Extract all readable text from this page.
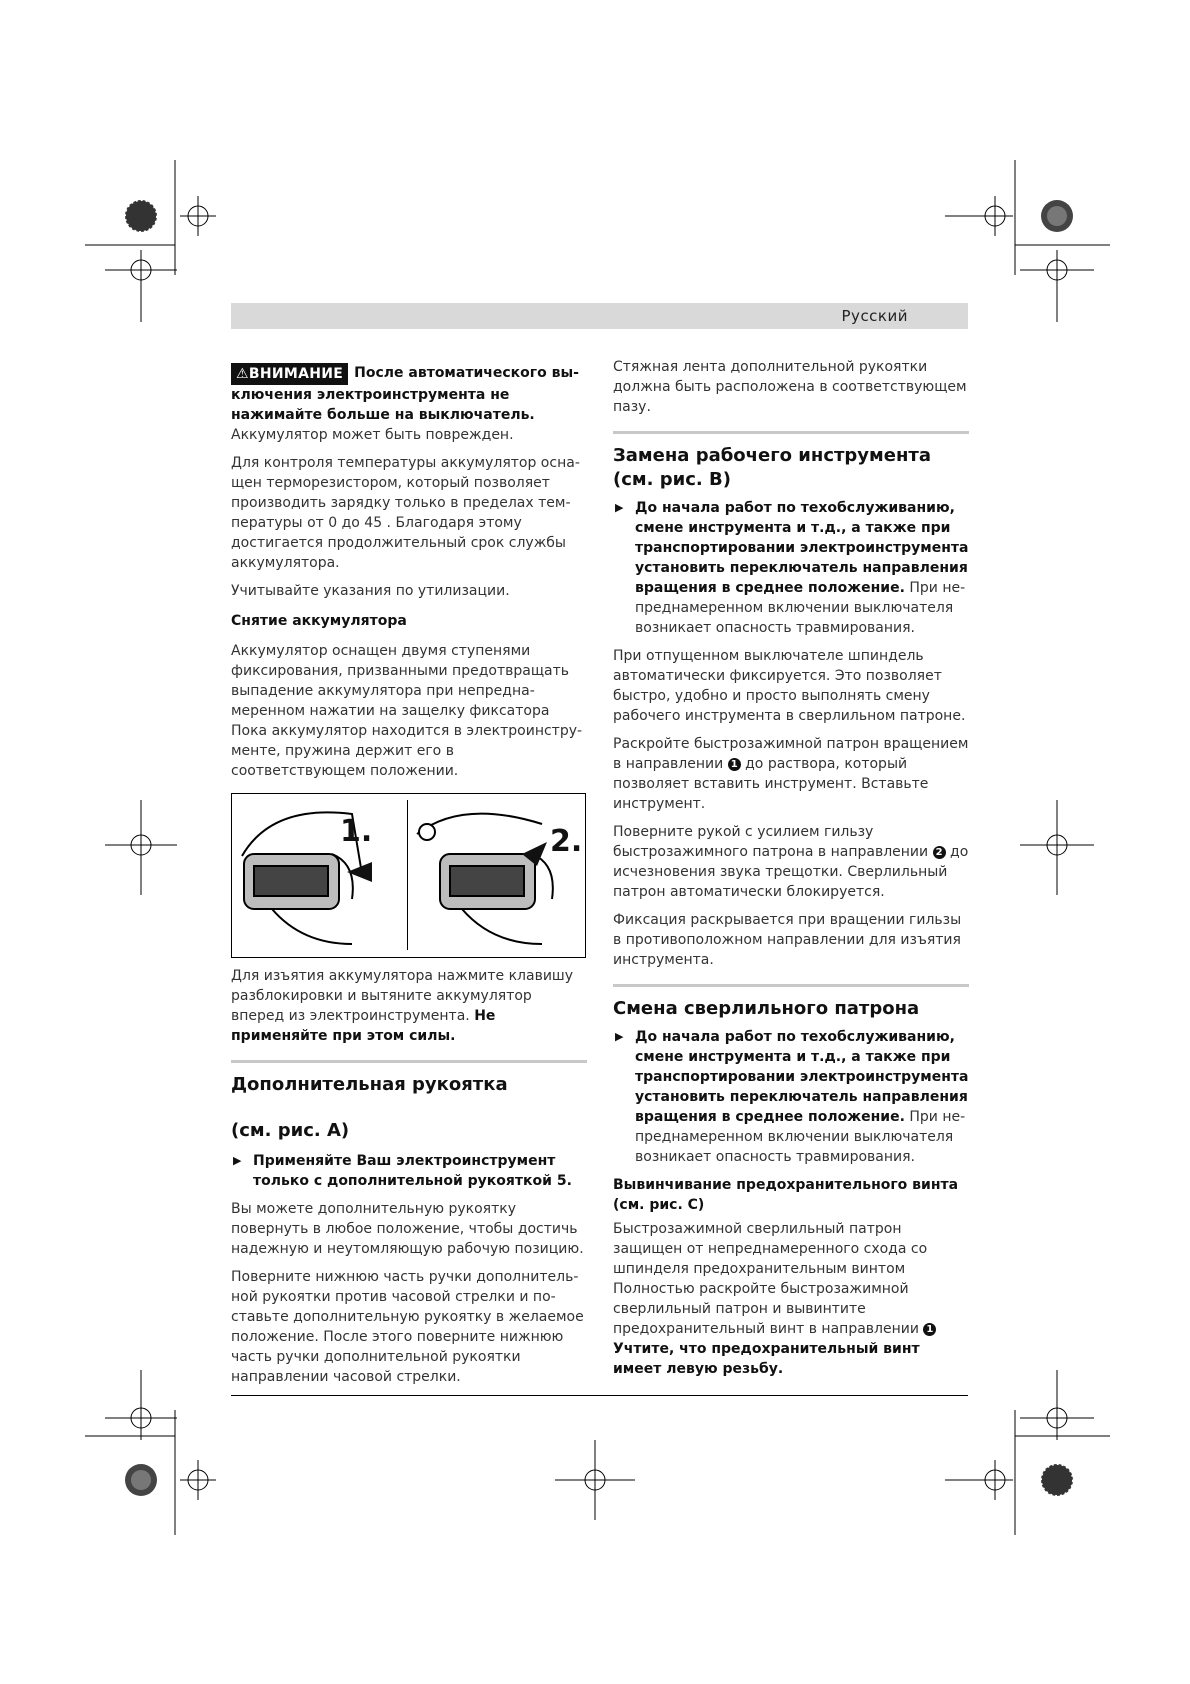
Русский

⚠ВНИМАНИЕ После автоматического выключения электроинструмента не нажимайте больше на выключатель. Аккумулятор может быть поврежден.

Для контроля температуры аккумулятор оснащен терморезистором, который позволяет производить зарядку только в пределах температуры от 0 до 45 . Благодаря этому достигается продолжительный срок службы аккумулятора.

Учитывайте указания по утилизации.

Снятие аккумулятора

Аккумулятор оснащен двумя ступенями фиксирования, призванными предотвращать выпадение аккумулятора при непреднамеренном нажатии на защелку фиксатора Пока аккумулятор находится в электроинструменте, пружина держит его в соответствующем положении.

1.	2.

Для изъятия аккумулятора нажмите клавишу разблокировки и вытяните аккумулятор вперед из электроинструмента. Не применяйте при этом силы.

Дополнительная рукоятка

(см. рис. А)

▶ Применяйте Ваш электроинструмент только с дополнительной рукояткой 5.

Вы можете дополнительную рукоятку повернуть в любое положение, чтобы достичь надежную и неутомляющую рабочую позицию.

Поверните нижнюю часть ручки дополнительной рукоятки против часовой стрелки и поставьте дополнительную рукоятку в желаемое положение. После этого поверните нижнюю часть ручки дополнительной рукоятки направлении часовой стрелки.

Стяжная лента дополнительной рукоятки должна быть расположена в соответствующем пазу.

Замена рабочего инструмента (см. рис. В)

▶ До начала работ по техобслуживанию, смене инструмента и т.д., а также при транспортировании электроинструмента установить переключатель направления вращения в среднее положение. При непреднамеренном включении выключателя возникает опасность травмирования.

При отпущенном выключателе шпиндель автоматически фиксируется. Это позволяет быстро, удобно и просто выполнять смену рабочего инструмента в сверлильном патроне.

Раскройте быстрозажимной патрон вращением в направлении 1 до раствора, который позволяет вставить инструмент. Вставьте инструмент.

Поверните рукой с усилием гильзу быстрозажимного патрона в направлении 2 до исчезновения звука трещотки. Сверлильный патрон автоматически блокируется.

Фиксация раскрывается при вращении гильзы в противоположном направлении для изъятия инструмента.

Смена сверлильного патрона

▶ До начала работ по техобслуживанию, смене инструмента и т.д., а также при транспортировании электроинструмента установить переключатель направления вращения в среднее положение. При непреднамеренном включении выключателя возникает опасность травмирования.

Вывинчивание предохранительного винта (см. рис. С)

Быстрозажимной сверлильный патрон защищен от непреднамеренного схода со шпинделя предохранительным винтом Полностью раскройте быстрозажимной сверлильный патрон и вывинтите предохранительный винт в направлении 1
Учтите, что предохранительный винт имеет левую резьбу.
